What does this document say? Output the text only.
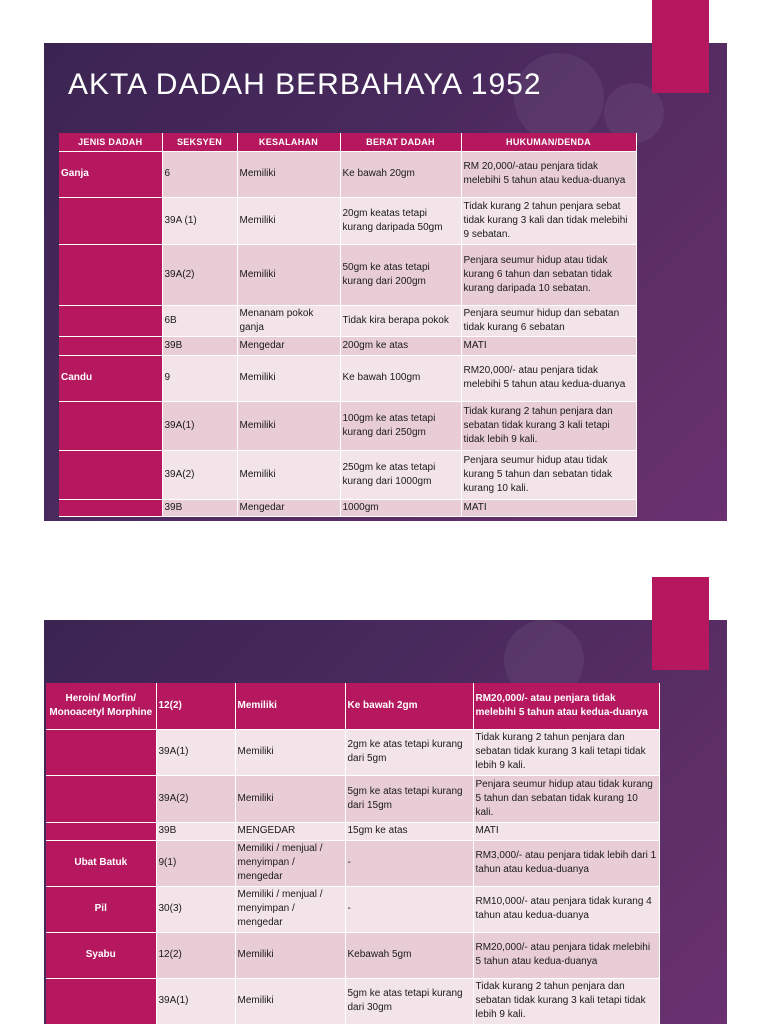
AKTA DADAH BERBAHAYA 1952
JENIS DADAH	SEKSYEN	KESALAHAN	BERAT DADAH	HUKUMAN/DENDA
Ganja	6	Memiliki	Ke bawah 20gm	RM 20,000/-atau penjara tidak melebihi 5 tahun atau kedua-duanya
	39A (1)	Memiliki	20gm keatas tetapi kurang daripada 50gm	Tidak kurang 2 tahun penjara sebat tidak kurang 3 kali dan tidak melebihi 9 sebatan.
	39A(2)	Memiliki	50gm ke atas tetapi kurang dari 200gm	Penjara seumur hidup atau tidak kurang 6 tahun dan sebatan tidak kurang daripada 10 sebatan.
	6B	Menanam pokok ganja	Tidak kira berapa pokok	Penjara seumur hidup dan sebatan tidak kurang 6 sebatan
	39B	Mengedar	200gm ke atas	MATI
Candu	9	Memiliki	Ke bawah 100gm	RM20,000/- atau penjara tidak melebihi 5 tahun atau kedua-duanya
	39A(1)	Memiliki	100gm ke atas tetapi kurang dari 250gm	Tidak kurang 2 tahun penjara dan sebatan tidak kurang 3 kali tetapi tidak lebih 9 kali.
	39A(2)	Memiliki	250gm ke atas tetapi kurang dari 1000gm	Penjara seumur hidup atau tidak kurang 5 tahun dan sebatan tidak kurang 10 kali.
	39B	Mengedar	1000gm	MATI
Heroin/ Morfin/ Monoacetyl Morphine	12(2)	Memiliki	Ke bawah 2gm	RM20,000/- atau penjara tidak melebihi 5 tahun atau kedua-duanya
	39A(1)	Memiliki	2gm ke atas tetapi kurang dari 5gm	Tidak kurang 2 tahun penjara dan sebatan tidak kurang 3 kali tetapi tidak lebih 9 kali.
	39A(2)	Memiliki	5gm ke atas tetapi kurang dari 15gm	Penjara seumur hidup atau tidak kurang 5 tahun dan sebatan tidak kurang 10 kali.
	39B	MENGEDAR	15gm ke atas	MATI
Ubat Batuk	9(1)	Memiliki / menjual / menyimpan / mengedar	-	RM3,000/- atau penjara tidak lebih dari 1 tahun atau kedua-duanya
Pil	30(3)	Memiliki / menjual / menyimpan / mengedar	-	RM10,000/- atau penjara tidak kurang 4 tahun atau kedua-duanya
Syabu	12(2)	Memiliki	Kebawah 5gm	RM20,000/- atau penjara tidak melebihi 5 tahun atau kedua-duanya
	39A(1)	Memiliki	5gm ke atas tetapi kurang dari 30gm	Tidak kurang 2 tahun penjara dan sebatan tidak kurang 3 kali tetapi tidak lebih 9 kali.
